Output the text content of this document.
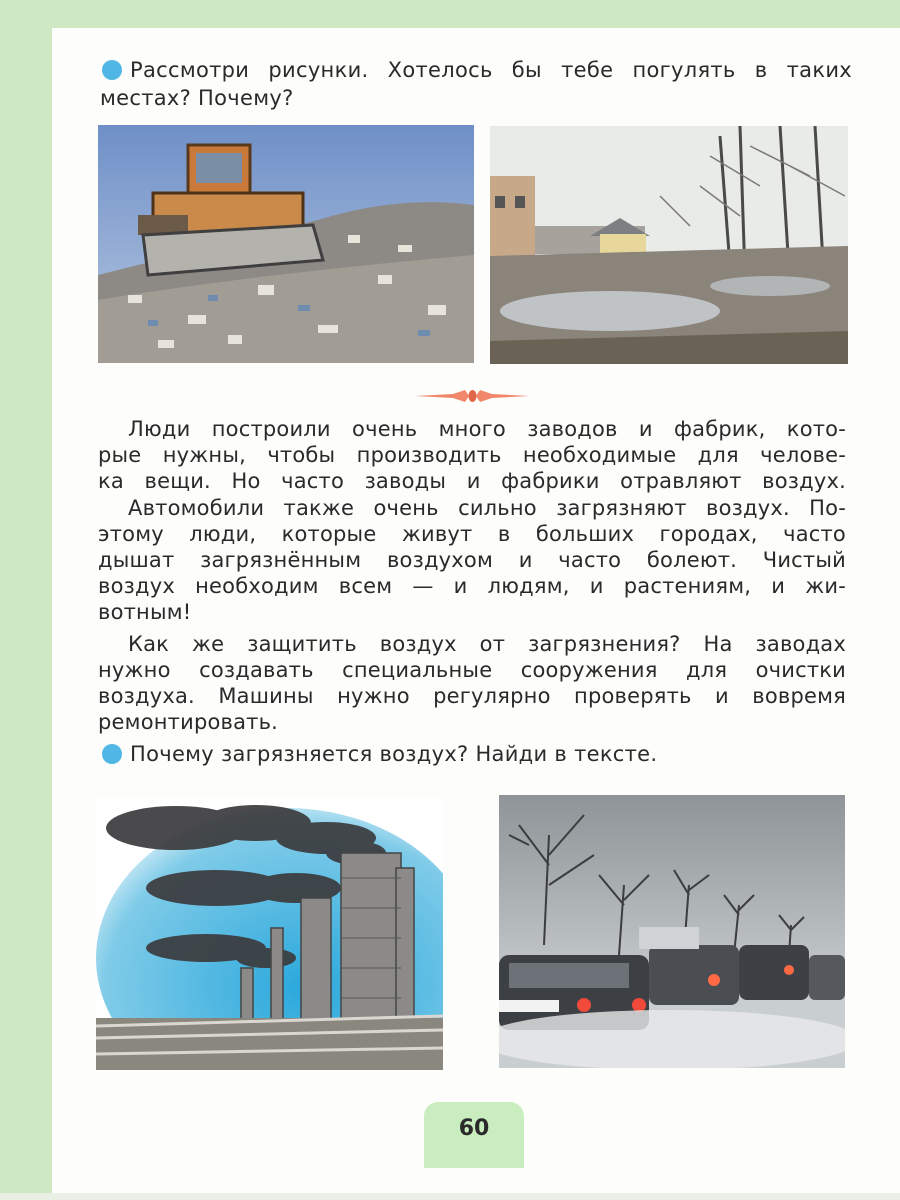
Рассмотри рисунки. Хотелось бы тебе погулять в таких
местах? Почему?
Люди построили очень много заводов и фабрик, кото-
рые нужны, чтобы производить необходимые для челове-
ка вещи. Но часто заводы и фабрики отравляют воздух.
Автомобили также очень сильно загрязняют воздух. По-
этому люди, которые живут в больших городах, часто
дышат загрязнённым воздухом и часто болеют. Чистый
воздух необходим всем — и людям, и растениям, и жи-
вотным!
Как же защитить воздух от загрязнения? На заводах
нужно создавать специальные сооружения для очистки
воздуха. Машины нужно регулярно проверять и вовремя
ремонтировать.
Почему загрязняется воздух? Найди в тексте.
60
